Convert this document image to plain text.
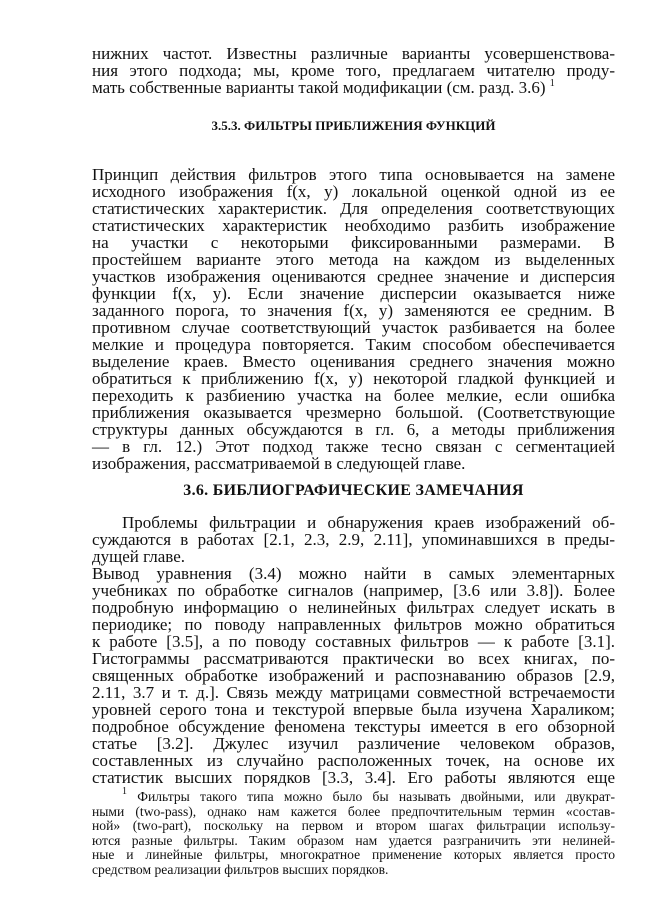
нижних частот. Известны различные варианты усовершенствова-
ния этого подхода; мы, кроме того, предлагаем читателю проду-
мать собственные варианты такой модификации (см. разд. 3.6) $^1$
3.5.3. ФИЛЬТРЫ ПРИБЛИЖЕНИЯ ФУНКЦИЙ
Принцип действия фильтров этого типа основывается на замене
исходного изображения f(x, y) локальной оценкой одной из ее
статистических характеристик. Для определения соответствующих
статистических характеристик необходимо разбить изображение
на участки с некоторыми фиксированными размерами. В
простейшем варианте этого метода на каждом из выделенных
участков изображения оцениваются среднее значение и дисперсия
функции f(x, y). Если значение дисперсии оказывается ниже
заданного порога, то значения f(x, y) заменяются ее средним. В
противном случае соответствующий участок разбивается на более
мелкие и процедура повторяется. Таким способом обеспечивается
выделение краев. Вместо оценивания среднего значения можно
обратиться к приближению f(x, y) некоторой гладкой функцией и
переходить к разбиению участка на более мелкие, если ошибка
приближения оказывается чрезмерно большой. (Соответствующие
структуры данных обсуждаются в гл. 6, а методы приближения
— в гл. 12.) Этот подход также тесно связан с сегментацией
изображения, рассматриваемой в следующей главе.
3.6. БИБЛИОГРАФИЧЕСКИЕ ЗАМЕЧАНИЯ
Проблемы фильтрации и обнаружения краев изображений об-
суждаются в работах [2.1, 2.3, 2.9, 2.11], упоминавшихся в преды-
дущей главе.
Вывод уравнения (3.4) можно найти в самых элементарных
учебниках по обработке сигналов (например, [3.6 или 3.8]). Более
подробную информацию о нелинейных фильтрах следует искать в
периодике; по поводу направленных фильтров можно обратиться
к работе [3.5], а по поводу составных фильтров — к работе [3.1].
Гистограммы рассматриваются практически во всех книгах, по-
священных обработке изображений и распознаванию образов [2.9,
2.11, 3.7 и т. д.]. Связь между матрицами совместной встречаемости
уровней серого тона и текстурой впервые была изучена Хараликом;
подробное обсуждение феномена текстуры имеется в его обзорной
статье [3.2]. Джулес изучил различение человеком образов,
составленных из случайно расположенных точек, на основе их
статистик высших порядков [3.3, 3.4]. Его работы являются еще
$^1$ Фильтры такого типа можно было бы называть двойными, или двукрат-
ными (two-pass), однако нам кажется более предпочтительным термин «состав-
ной» (two-part), поскольку на первом и втором шагах фильтрации использу-
ются разные фильтры. Таким образом нам удается разграничить эти нелиней-
ные и линейные фильтры, многократное применение которых является просто
средством реализации фильтров высших порядков.
